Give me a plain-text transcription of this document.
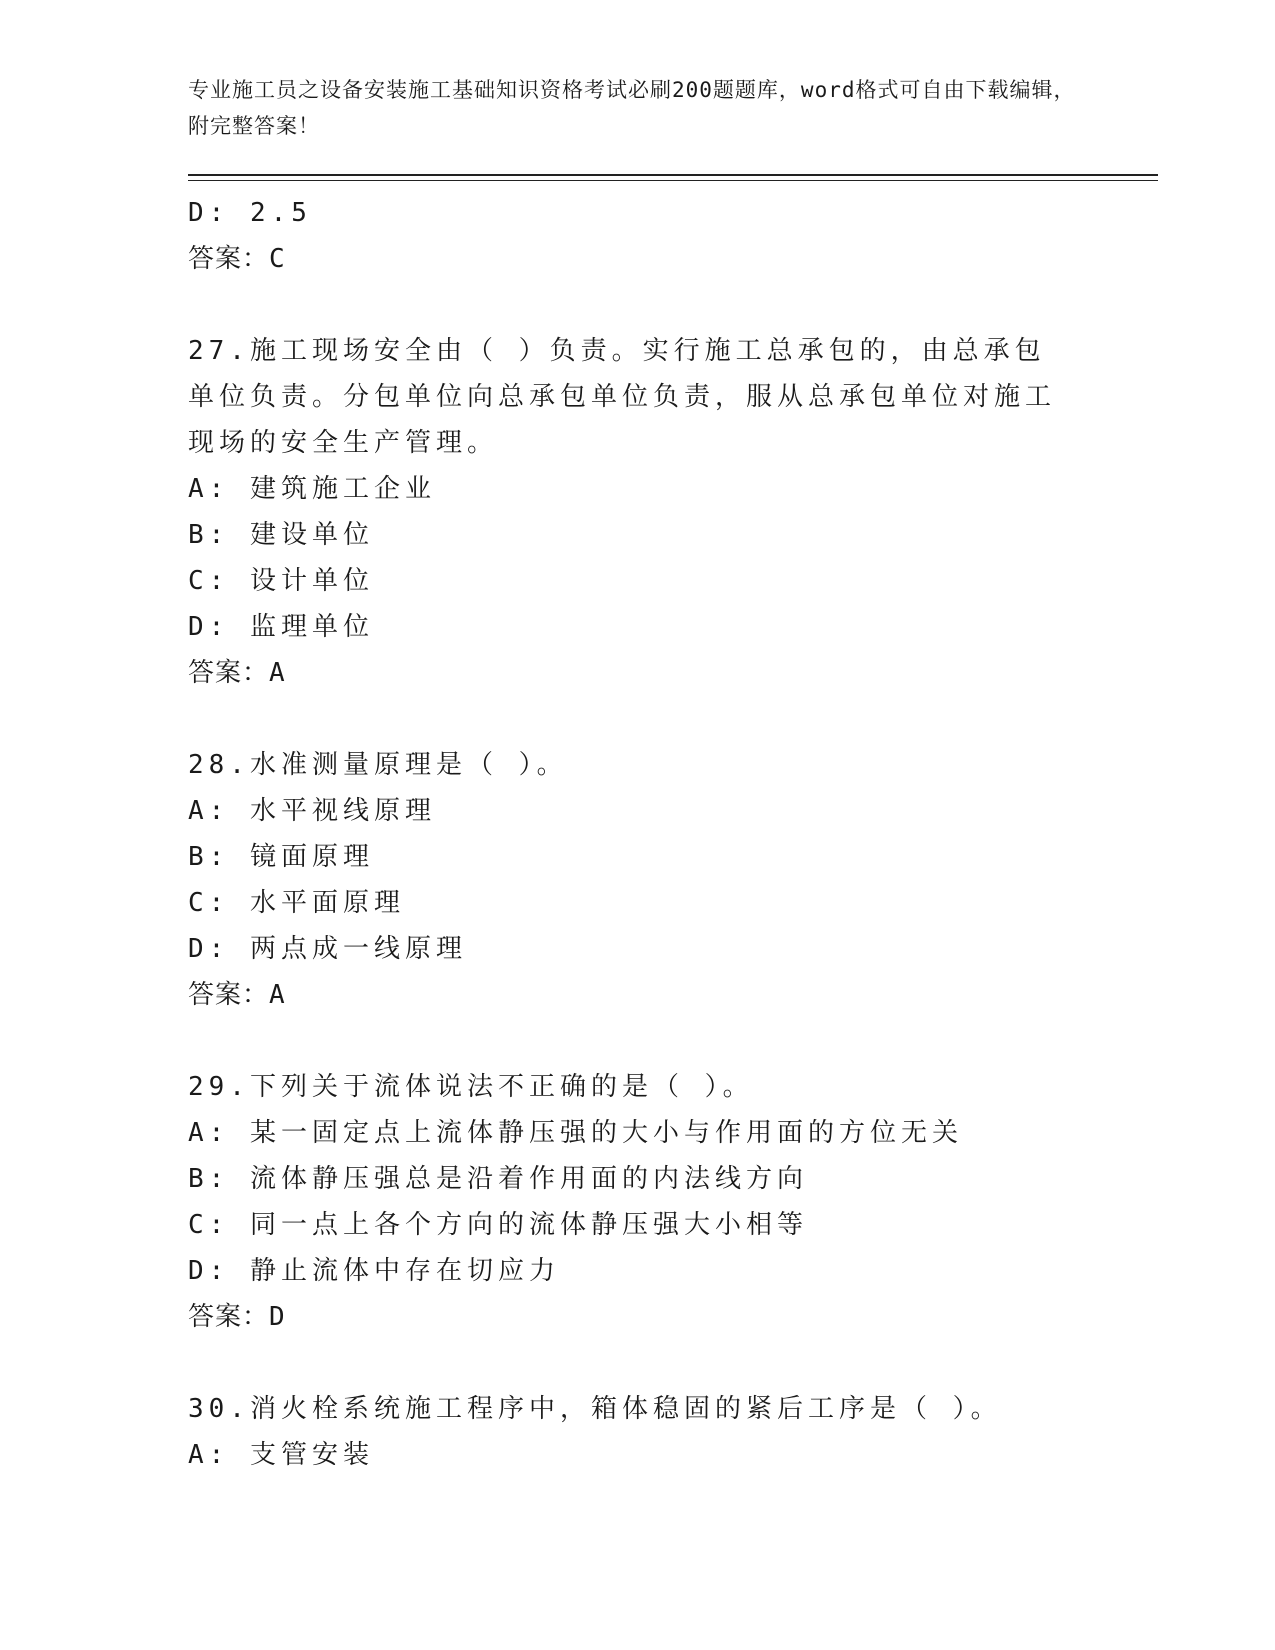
专业施工员之设备安装施工基础知识资格考试必刷200题题库，word格式可自由下载编辑，附完整答案！
D: 2.5
答案：C
27.施工现场安全由（ ）负责。实行施工总承包的，由总承包单位负责。分包单位向总承包单位负责，服从总承包单位对施工现场的安全生产管理。
A: 建筑施工企业
B: 建设单位
C: 设计单位
D: 监理单位
答案：A
28.水准测量原理是（ ）。
A: 水平视线原理
B: 镜面原理
C: 水平面原理
D: 两点成一线原理
答案：A
29.下列关于流体说法不正确的是（ ）。
A: 某一固定点上流体静压强的大小与作用面的方位无关
B: 流体静压强总是沿着作用面的内法线方向
C: 同一点上各个方向的流体静压强大小相等
D: 静止流体中存在切应力
答案：D
30.消火栓系统施工程序中，箱体稳固的紧后工序是（ ）。
A: 支管安装
